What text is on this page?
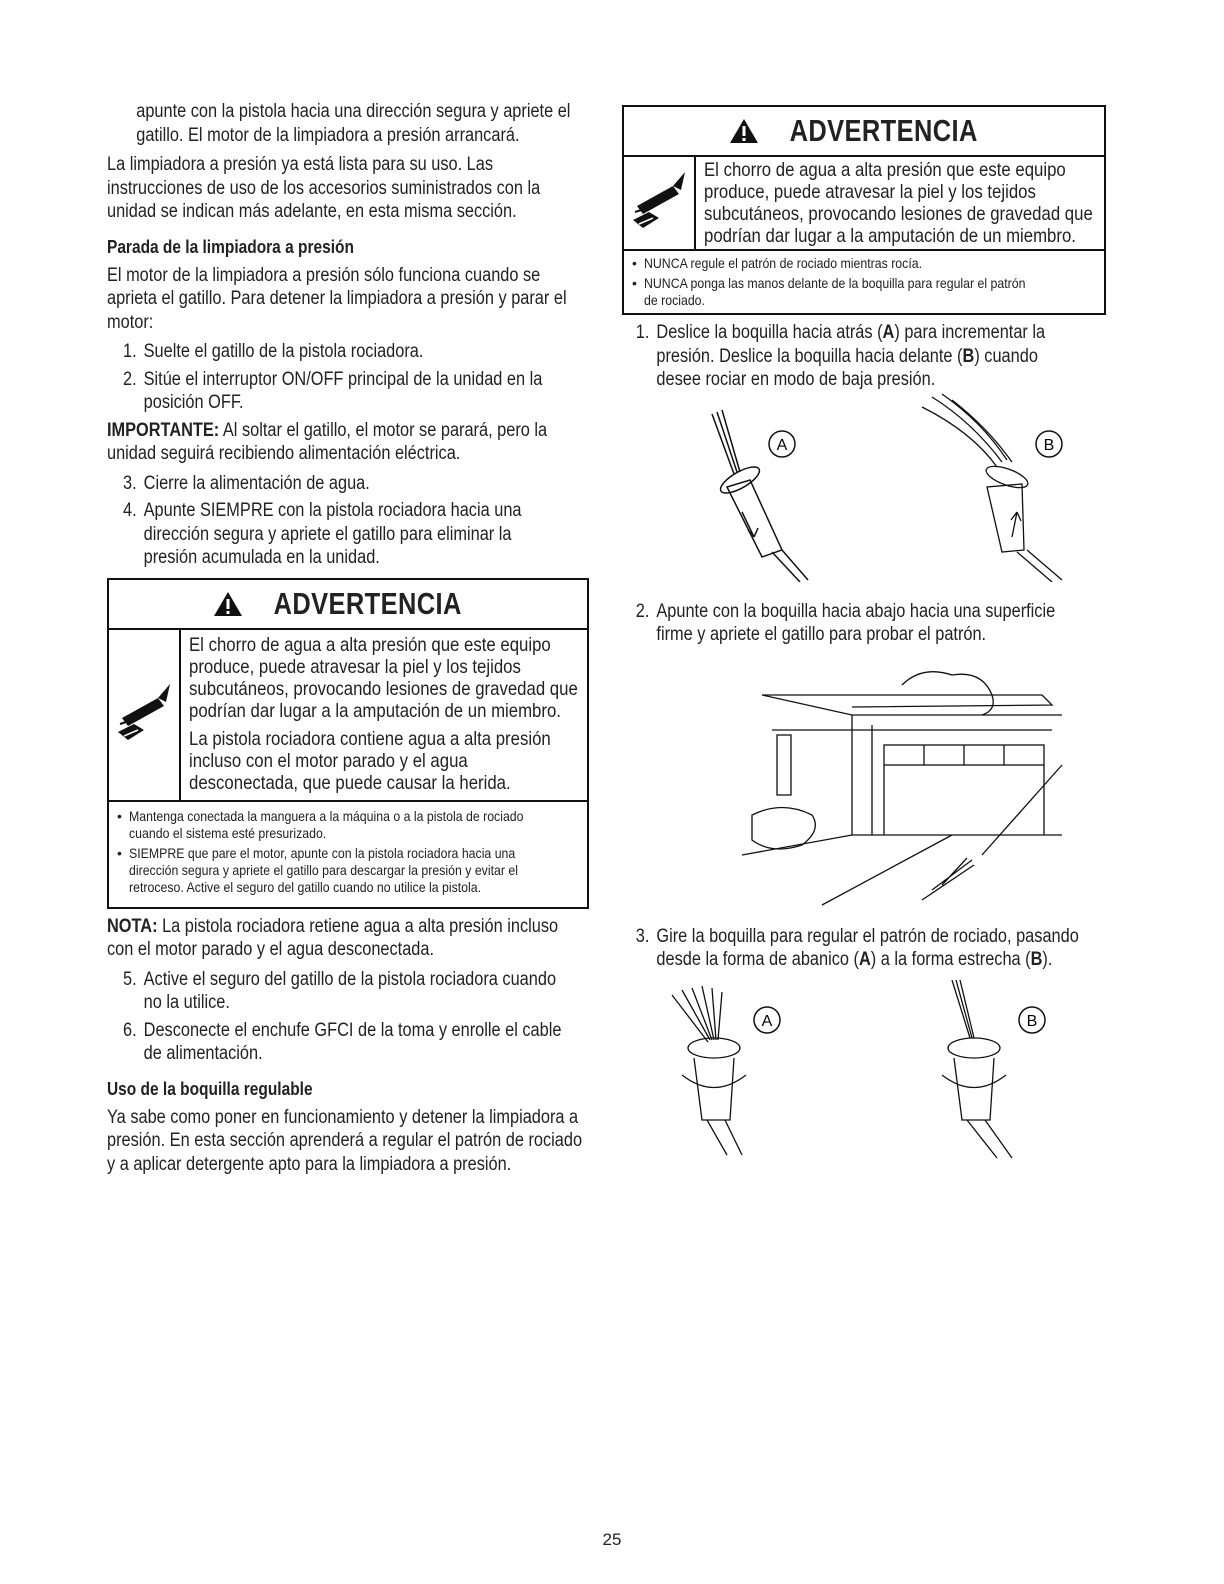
apunte con la pistola hacia una dirección segura y apriete el gatillo. El motor de la limpiadora a presión arrancará.

La limpiadora a presión ya está lista para su uso. Las instrucciones de uso de los accesorios suministrados con la unidad se indican más adelante, en esta misma sección.

Parada de la limpiadora a presión

El motor de la limpiadora a presión sólo funciona cuando se aprieta el gatillo. Para detener la limpiadora a presión y parar el motor:

1. Suelte el gatillo de la pistola rociadora.
2. Sitúe el interruptor ON/OFF principal de la unidad en la posición OFF.

IMPORTANTE: Al soltar el gatillo, el motor se parará, pero la unidad seguirá recibiendo alimentación eléctrica.

3. Cierre la alimentación de agua.
4. Apunte SIEMPRE con la pistola rociadora hacia una dirección segura y apriete el gatillo para eliminar la presión acumulada en la unidad.
ADVERTENCIA

El chorro de agua a alta presión que este equipo produce, puede atravesar la piel y los tejidos subcutáneos, provocando lesiones de gravedad que podrían dar lugar a la amputación de un miembro.

La pistola rociadora contiene agua a alta presión incluso con el motor parado y el agua desconectada, que puede causar la herida.

• Mantenga conectada la manguera a la máquina o a la pistola de rociado cuando el sistema esté presurizado.
• SIEMPRE que pare el motor, apunte con la pistola rociadora hacia una dirección segura y apriete el gatillo para descargar la presión y evitar el retroceso. Active el seguro del gatillo cuando no utilice la pistola.

NOTA: La pistola rociadora retiene agua a alta presión incluso con el motor parado y el agua desconectada.

5. Active el seguro del gatillo de la pistola rociadora cuando no la utilice.
6. Desconecte el enchufe GFCI de la toma y enrolle el cable de alimentación.
Uso de la boquilla regulable

Ya sabe como poner en funcionamiento y detener la limpiadora a presión. En esta sección aprenderá a regular el patrón de rociado y a aplicar detergente apto para la limpiadora a presión.

ADVERTENCIA

El chorro de agua a alta presión que este equipo produce, puede atravesar la piel y los tejidos subcutáneos, provocando lesiones de gravedad que podrían dar lugar a la amputación de un miembro.

• NUNCA regule el patrón de rociado mientras rocía.
• NUNCA ponga las manos delante de la boquilla para regular el patrón de rociado.
1. Deslice la boquilla hacia atrás (A) para incrementar la presión. Deslice la boquilla hacia delante (B) cuando desee rociar en modo de baja presión.
A	B
2. Apunte con la boquilla hacia abajo hacia una superficie firme y apriete el gatillo para probar el patrón.
3. Gire la boquilla para regular el patrón de rociado, pasando desde la forma de abanico (A) a la forma estrecha (B).
A	B
25
